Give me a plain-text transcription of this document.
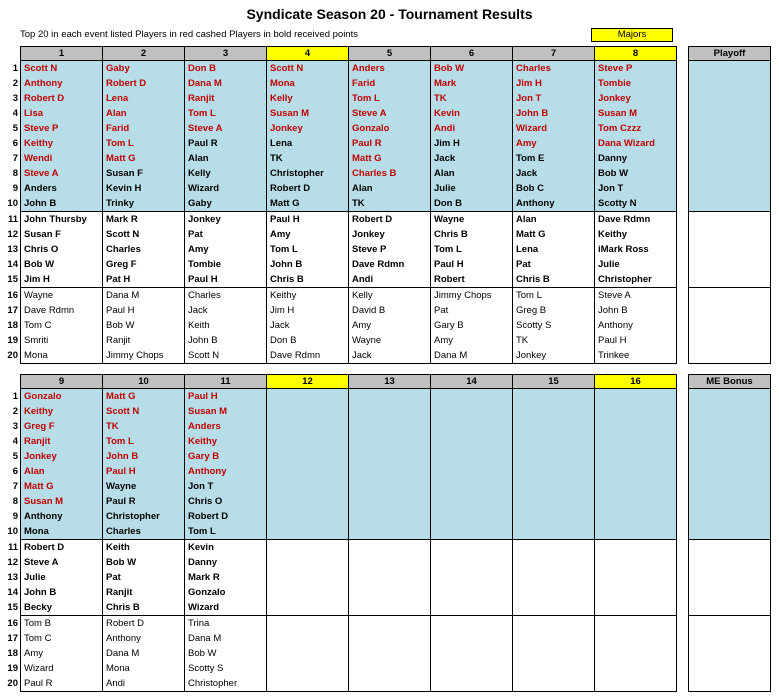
Syndicate Season 20 - Tournament Results
Top 20 in each event listed Players in red cashed Players in bold received points	Majors
	1	2	3	4	5	6	7	8
1	Scott N	Gaby	Don B	Scott N	Anders	Bob W	Charles	Steve P
2	Anthony	Robert D	Dana M	Mona	Farid	Mark	Jim H	Tombie
3	Robert D	Lena	Ranjit	Kelly	Tom L	TK	Jon T	Jonkey
4	Lisa	Alan	Tom L	Susan M	Steve A	Kevin	John B	Susan M
5	Steve P	Farid	Steve A	Jonkey	Gonzalo	Andi	Wizard	Tom Czzz
6	Keithy	Tom L	Paul R	Lena	Paul R	Jim H	Amy	Dana Wizard
7	Wendi	Matt G	Alan	TK	Matt G	Jack	Tom E	Danny
8	Steve A	Susan F	Kelly	Christopher	Charles B	Alan	Jack	Bob W
9	Anders	Kevin H	Wizard	Robert D	Alan	Julie	Bob C	Jon T
10	John B	Trinky	Gaby	Matt G	TK	Don B	Anthony	Scotty N
11	John Thursby	Mark R	Jonkey	Paul H	Robert D	Wayne	Alan	Dave Rdmn
12	Susan F	Scott N	Pat	Amy	Jonkey	Chris B	Matt G	Keithy
13	Chris O	Charles	Amy	Tom L	Steve P	Tom L	Lena	iMark Ross
14	Bob W	Greg F	Tombie	John B	Dave Rdmn	Paul H	Pat	Julie
15	Jim H	Pat H	Paul H	Chris B	Andi	Robert	Chris B	Christopher
16	Wayne	Dana M	Charles	Keithy	Kelly	Jimmy Chops	Tom L	Steve A
17	Dave Rdmn	Paul H	Jack	Jim H	David B	Pat	Greg B	John B
18	Tom C	Bob W	Keith	Jack	Amy	Gary B	Scotty S	Anthony
19	Smriti	Ranjit	John B	Don B	Wayne	Amy	TK	Paul H
20	Mona	Jimmy Chops	Scott N	Dave Rdmn	Jack	Dana M	Jonkey	Trinkee
	9	10	11	12	13	14	15	16
1	Gonzalo	Matt G	Paul H					
2	Keithy	Scott N	Susan M					
3	Greg F	TK	Anders					
4	Ranjit	Tom L	Keithy					
5	Jonkey	John B	Gary B					
6	Alan	Paul H	Anthony					
7	Matt G	Wayne	Jon T					
8	Susan M	Paul R	Chris O					
9	Anthony	Christopher	Robert D					
10	Mona	Charles	Tom L					
11	Robert D	Keith	Kevin					
12	Steve A	Bob W	Danny					
13	Julie	Pat	Mark R					
14	John B	Ranjit	Gonzalo					
15	Becky	Chris B	Wizard					
16	Tom B	Robert D	Trina					
17	Tom C	Anthony	Dana M					
18	Amy	Dana M	Bob W					
19	Wizard	Mona	Scotty S					
20	Paul R	Andi	Christopher					
Playoff

ME Bonus
